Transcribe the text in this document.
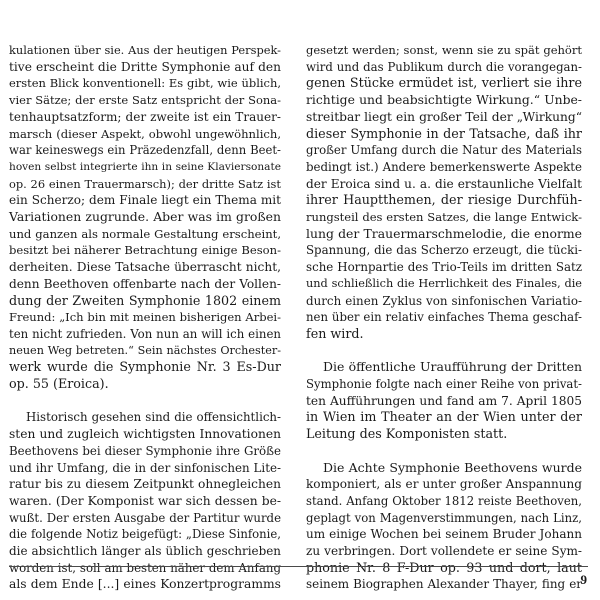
kulationen über sie. Aus der heutigen Perspek-
tive erscheint die Dritte Symphonie auf den
ersten Blick konventionell: Es gibt, wie üblich,
vier Sätze; der erste Satz entspricht der Sona-
tenhauptsatzform; der zweite ist ein Trauer-
marsch (dieser Aspekt, obwohl ungewöhnlich,
war keineswegs ein Präzedenzfall, denn Beet-
hoven selbst integrierte ihn in seine Klaviersonate
op. 26 einen Trauermarsch); der dritte Satz ist
ein Scherzo; dem Finale liegt ein Thema mit
Variationen zugrunde. Aber was im großen
und ganzen als normale Gestaltung erscheint,
besitzt bei näherer Betrachtung einige Beson-
derheiten. Diese Tatsache überrascht nicht,
denn Beethoven offenbarte nach der Vollen-
dung der Zweiten Symphonie 1802 einem
Freund: „Ich bin mit meinen bisherigen Arbei-
ten nicht zufrieden. Von nun an will ich einen
neuen Weg betreten.“ Sein nächstes Orchester-
werk wurde die Symphonie Nr. 3 Es-Dur
op. 55 (Eroica).
Historisch gesehen sind die offensichtlich-
sten und zugleich wichtigsten Innovationen
Beethovens bei dieser Symphonie ihre Größe
und ihr Umfang, die in der sinfonischen Lite-
ratur bis zu diesem Zeitpunkt ohnegleichen
waren. (Der Komponist war sich dessen be-
wußt. Der ersten Ausgabe der Partitur wurde
die folgende Notiz beigefügt: „Diese Sinfonie,
die absichtlich länger als üblich geschrieben
worden ist, soll am besten näher dem Anfang
als dem Ende [...] eines Konzertprogramms
gesetzt werden; sonst, wenn sie zu spät gehört
wird und das Publikum durch die vorangegan-
genen Stücke ermüdet ist, verliert sie ihre
richtige und beabsichtigte Wirkung.“ Unbe-
streitbar liegt ein großer Teil der „Wirkung“
dieser Symphonie in der Tatsache, daß ihr
großer Umfang durch die Natur des Materials
bedingt ist.) Andere bemerkenswerte Aspekte
der Eroica sind u. a. die erstaunliche Vielfalt
ihrer Hauptthemen, der riesige Durchfüh-
rungsteil des ersten Satzes, die lange Entwick-
lung der Trauermarschmelodie, die enorme
Spannung, die das Scherzo erzeugt, die tücki-
sche Hornpartie des Trio-Teils im dritten Satz
und schließlich die Herrlichkeit des Finales, die
durch einen Zyklus von sinfonischen Variatio-
nen über ein relativ einfaches Thema geschaf-
fen wird.
Die öffentliche Uraufführung der Dritten
Symphonie folgte nach einer Reihe von privat-
ten Aufführungen und fand am 7. April 1805
in Wien im Theater an der Wien unter der
Leitung des Komponisten statt.
Die Achte Symphonie Beethovens wurde
komponiert, als er unter großer Anspannung
stand. Anfang Oktober 1812 reiste Beethoven,
geplagt von Magenverstimmungen, nach Linz,
um einige Wochen bei seinem Bruder Johann
zu verbringen. Dort vollendete er seine Sym-
phonie Nr. 8 F-Dur op. 93 und dort, laut
seinem Biographen Alexander Thayer, fing er
9
